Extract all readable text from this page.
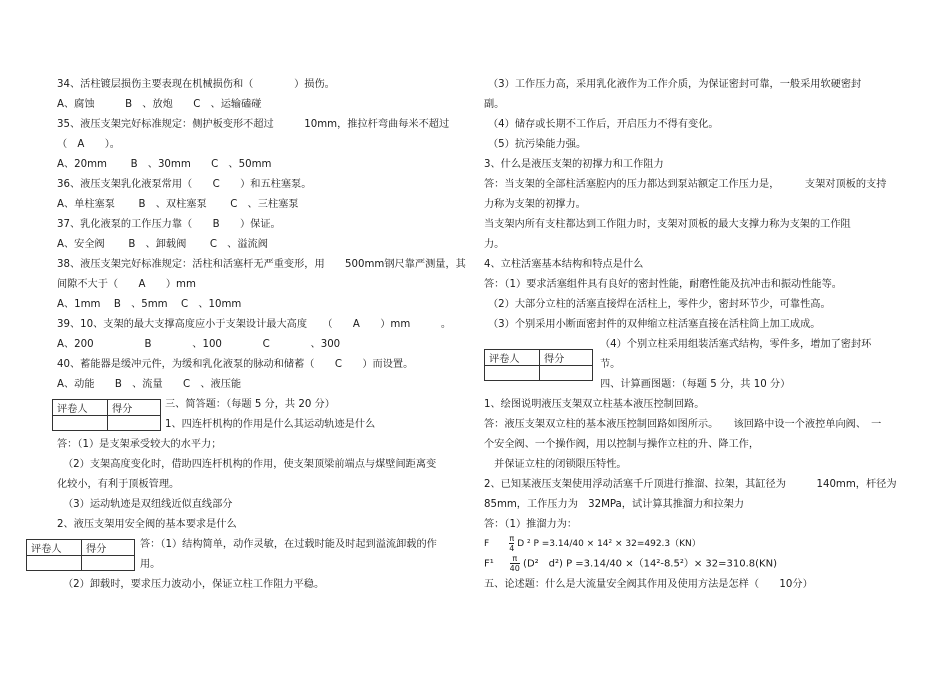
34、活柱镀层损伤主要表现在机械损伤和（　　　　）损伤。
A、腐蚀　　　B　、放炮　　C　、运输磕碰
35、液压支架完好标准规定：侧护板变形不超过　　　10mm，推拉杆弯曲每米不超过
（　A　　）。
A、20mm　　 B　、30mm　　C　、50mm
36、液压支架乳化液泵常用（　　C　　）和五柱塞泵。
A、单柱塞泵　　 B　、双柱塞泵　　 C　、三柱塞泵
37、乳化液泵的工作压力靠（　　B　　）保证。
A、安全阀　　 B　、卸载阀　　 C　、溢流阀
38、液压支架完好标准规定：活柱和活塞杆无严重变形，用　　500mm钢尺靠严测量，其
间隙不大于（　　A　　）mm
A、1mm　 B　、5mm　 C　、10mm
39、10、支架的最大支撑高度应小于支架设计最大高度　　（　　A　　）mm　　　。
A、200　　　　　B　　　　、100　　　　C　　　　、300
40、蓄能器是缓冲元件，为缓和乳化液泵的脉动和储蓄（　　C　　）而设置。
A、动能　　B　、流量　　C　、液压能
评卷人	得分
		三、简答题：（每题 5 分，共 20 分）
1、四连杆机构的作用是什么其运动轨迹是什么
答：（1）是支架承受较大的水平力；
（2）支架高度变化时，借助四连杆机构的作用，使支架顶梁前端点与煤壁间距离变
化较小，有利于顶板管理。
（3）运动轨迹是双纽线近似直线部分
2、液压支架用安全阀的基本要求是什么
评卷人	得分
		答：（1）结构简单，动作灵敏，在过载时能及时起到溢流卸载的作
用。
（2）卸载时，要求压力波动小，保证立柱工作阻力平稳。
（3）工作压力高，采用乳化液作为工作介质，为保证密封可靠，一般采用软硬密封
副。
（4）储存或长期不工作后，开启压力不得有变化。
（5）抗污染能力强。
3、什么是液压支架的初撑力和工作阻力
答：当支架的全部柱活塞腔内的压力都达到泵站额定工作压力是，　　　支架对顶板的支持
力称为支架的初撑力。
当支架内所有支柱都达到工作阻力时，支架对顶板的最大支撑力称为支架的工作阻
力。
4、立柱活塞基本结构和特点是什么
答：（1）要求活塞组件具有良好的密封性能，耐磨性能及抗冲击和振动性能等。
（2）大部分立柱的活塞直接焊在活柱上，零件少，密封环节少，可靠性高。
（3）个别采用小断面密封件的双伸缩立柱活塞直接在活柱筒上加工成成。
评卷人	得分

（4）个别立柱采用组装活塞式结构，零件多，增加了密封环
节。
四、计算画图题：（每题 5 分，共 10 分）
1、绘图说明液压支架双立柱基本液压控制回路。
答：液压支架双立柱的基本液压控制回路如图所示。　　该回路中设一个液控单向阀、　一
个安全阀、一个操作阀，用以控制与操作立柱的升、降工作，
　并保证立柱的闭锁限压特性。
2、已知某液压支架使用浮动活塞千斤顶进行推溜、拉架，其缸径为　　　140mm，杆径为
85mm，工作压力为　32MPa，试计算其推溜力和拉架力
答：（1）推溜力为：
F	$\frac{\pi}{4}$ D ² P =3.14/40 × 14² × 32=492.3（KN）
$F^1 \frac{\pi}{40} (D^2$　d²) P =3.14/40 ×（14²-8.5²）× 32=310.8(KN)
五、论述题：什么是大流量安全阀其作用及使用方法是怎样（　　10分）
